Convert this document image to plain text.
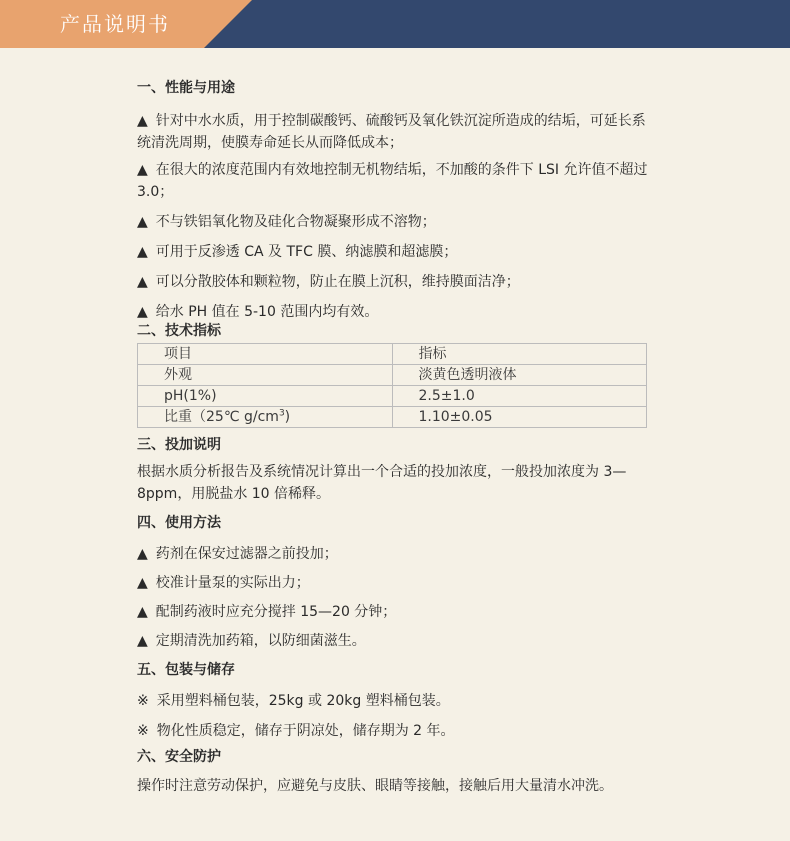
产品说明书

一、性能与用途

▲ 针对中水水质，用于控制碳酸钙、硫酸钙及氧化铁沉淀所造成的结垢，可延长系统清洗周期，使膜寿命延长从而降低成本；

▲ 在很大的浓度范围内有效地控制无机物结垢，不加酸的条件下 LSI 允许值不超过 3.0；

▲ 不与铁铝氧化物及硅化合物凝聚形成不溶物；

▲ 可用于反渗透 CA 及 TFC 膜、纳滤膜和超滤膜；

▲ 可以分散胶体和颗粒物，防止在膜上沉积，维持膜面洁净；

▲ 给水 PH 值在 5-10 范围内均有效。

二、技术指标

项目	指标
外观	淡黄色透明液体
pH(1%)	2.5±1.0
比重（25℃ $g/cm^3$)	1.10±0.05

三、投加说明

根据水质分析报告及系统情况计算出一个合适的投加浓度，一般投加浓度为 3—8ppm，用脱盐水 10 倍稀释。

四、使用方法

▲ 药剂在保安过滤器之前投加；

▲ 校准计量泵的实际出力；

▲ 配制药液时应充分搅拌 15—20 分钟；

▲ 定期清洗加药箱，以防细菌滋生。

五、包装与储存

※ 采用塑料桶包装，25kg 或 20kg 塑料桶包装。

※ 物化性质稳定，储存于阴凉处，储存期为 2 年。

六、安全防护

操作时注意劳动保护，应避免与皮肤、眼睛等接触，接触后用大量清水冲洗。
